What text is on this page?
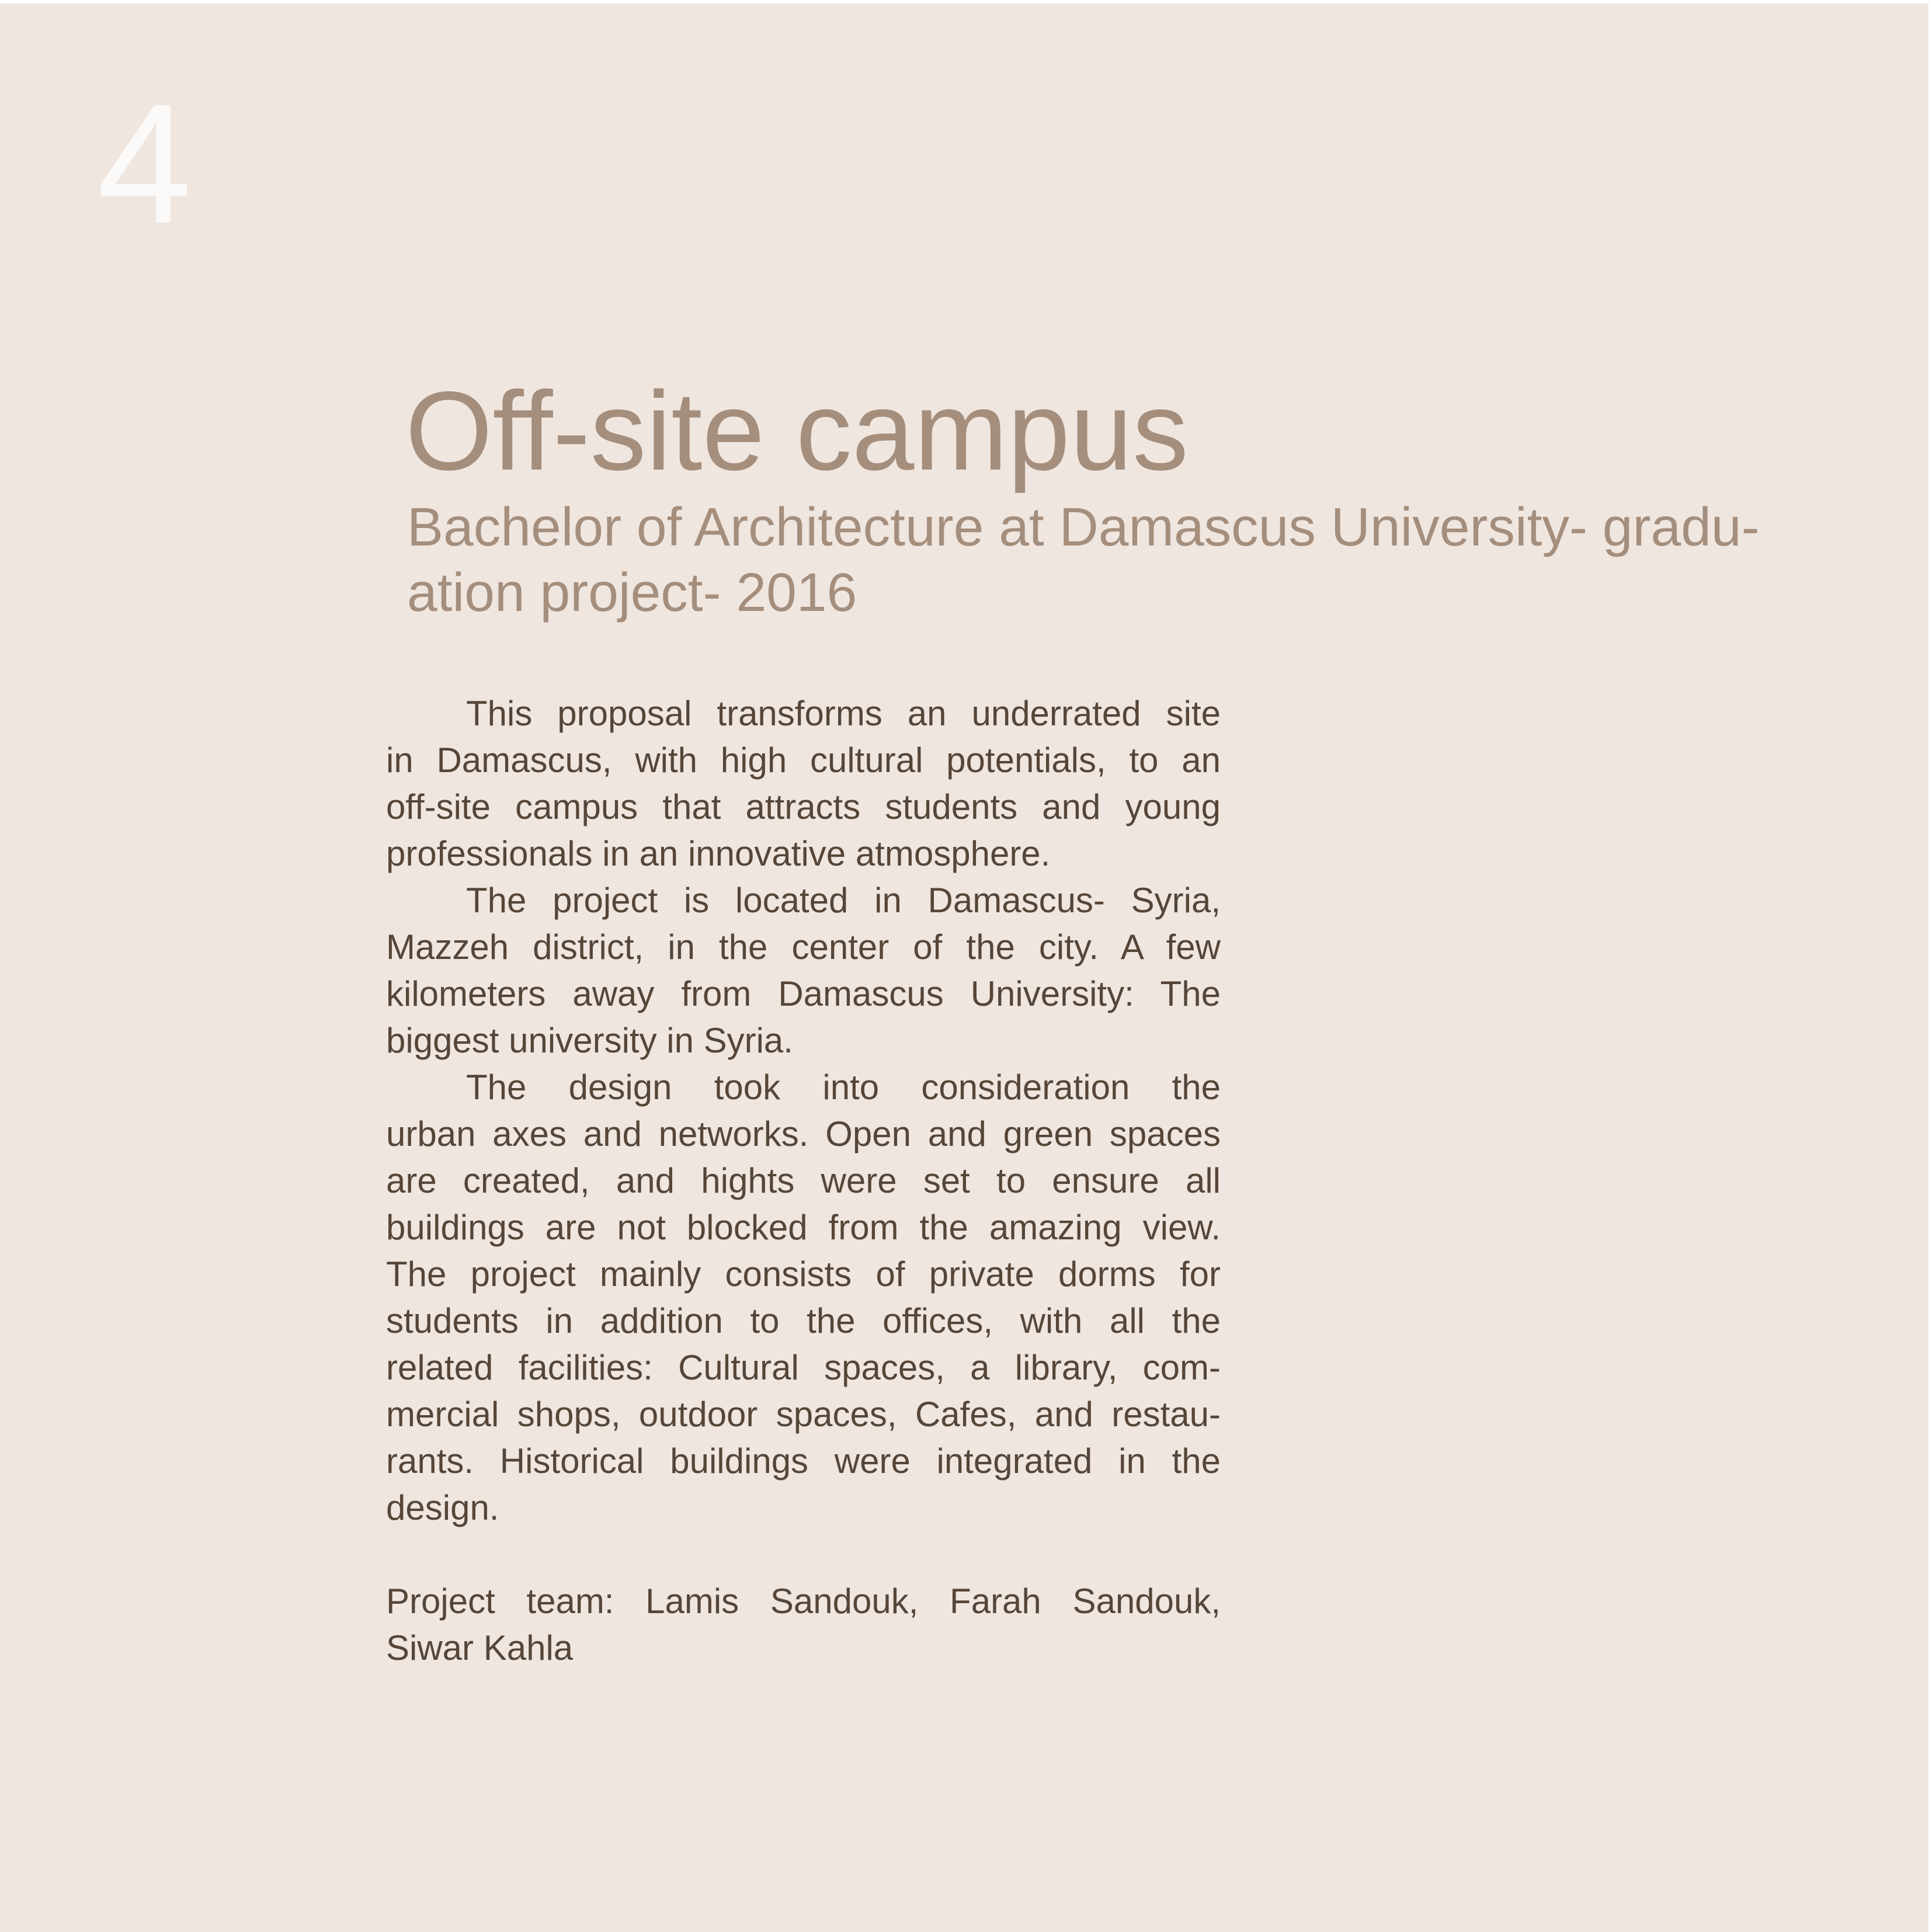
4
Off-site campus
Bachelor of Architecture at Damascus University- gradu-
ation project- 2016
This proposal transforms an underrated site
in Damascus, with high cultural potentials, to an
off-site campus that attracts students and young
professionals in an innovative atmosphere.
The project is located in Damascus- Syria,
Mazzeh district, in the center of the city. A few
kilometers away from Damascus University: The
biggest university in Syria.
The design took into consideration the
urban axes and networks. Open and green spaces
are created, and hights were set to ensure all
buildings are not blocked from the amazing view.
The project mainly consists of private dorms for
students in addition to the offices, with all the
related facilities: Cultural spaces, a library, com-
mercial shops, outdoor spaces, Cafes, and restau-
rants. Historical buildings were integrated in the
design.
Project team: Lamis Sandouk, Farah Sandouk,
Siwar Kahla
